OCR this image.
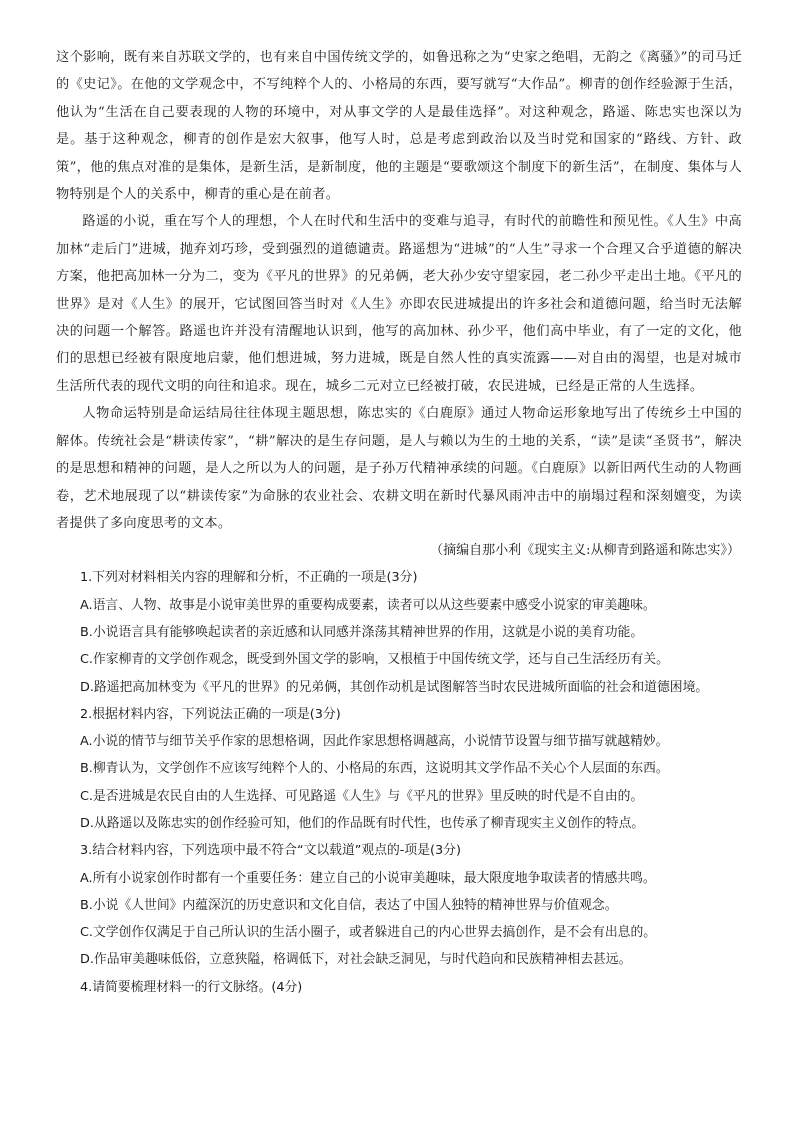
这个影响，既有来自苏联文学的，也有来自中国传统文学的，如鲁迅称之为“史家之绝唱，无韵之《离骚》”的司马迁的《史记》。在他的文学观念中，不写纯粹个人的、小格局的东西，要写就写“大作品”。柳青的创作经验源于生活，他认为“生活在自己要表现的人物的环境中，对从事文学的人是最佳选择”。对这种观念，路遥、陈忠实也深以为是。基于这种观念，柳青的创作是宏大叙事，他写人时，总是考虑到政治以及当时党和国家的“路线、方针、政策”，他的焦点对准的是集体，是新生活，是新制度，他的主题是“要歌颂这个制度下的新生活”，在制度、集体与人物特别是个人的关系中，柳青的重心是在前者。

路遥的小说，重在写个人的理想，个人在时代和生活中的变难与追寻，有时代的前瞻性和预见性。《人生》中高加林“走后门”进城，抛弃刘巧珍，受到强烈的道德谴责。路遥想为“进城”的“人生”寻求一个合理又合乎道德的解决方案，他把高加林一分为二，变为《平凡的世界》的兄弟俩，老大孙少安守望家园，老二孙少平走出土地。《平凡的世界》是对《人生》的展开，它试图回答当时对《人生》亦即农民进城提出的许多社会和道德问题，给当时无法解决的问题一个解答。路遥也许并没有清醒地认识到，他写的高加林、孙少平，他们高中毕业，有了一定的文化，他们的思想已经被有限度地启蒙，他们想进城，努力进城，既是自然人性的真实流露——对自由的渴望，也是对城市生活所代表的现代文明的向往和追求。现在，城乡二元对立已经被打破，农民进城，已经是正常的人生选择。

人物命运特别是命运结局往往体现主题思想，陈忠实的《白鹿原》通过人物命运形象地写出了传统乡土中国的解体。传统社会是“耕读传家”，“耕”解决的是生存问题，是人与赖以为生的土地的关系，“读”是读“圣贤书”，解决的是思想和精神的问题，是人之所以为人的问题，是子孙万代精神承续的问题。《白鹿原》以新旧两代生动的人物画卷，艺术地展现了以“耕读传家”为命脉的农业社会、农耕文明在新时代暴风雨冲击中的崩塌过程和深刻嬗变，为读者提供了多向度思考的文本。

（摘编自那小利《现实主义:从柳青到路遥和陈忠实》）

1.下列对材料相关内容的理解和分析，不正确的一项是(3分)

A.语言、人物、故事是小说审美世界的重要构成要素，读者可以从这些要素中感受小说家的审美趣味。

B.小说语言具有能够唤起读者的亲近感和认同感并涤荡其精神世界的作用，这就是小说的美育功能。

C.作家柳青的文学创作观念，既受到外国文学的影响，又根植于中国传统文学，还与自己生活经历有关。

D.路遥把高加林变为《平凡的世界》的兄弟俩，其创作动机是试图解答当时农民进城所面临的社会和道德困境。

2.根据材料内容，下列说法正确的一项是(3分)

A.小说的情节与细节关乎作家的思想格调，因此作家思想格调越高，小说情节设置与细节描写就越精妙。

B.柳青认为，文学创作不应该写纯粹个人的、小格局的东西，这说明其文学作品不关心个人层面的东西。

C.是否进城是农民自由的人生选择、可见路遥《人生》与《平凡的世界》里反映的时代是不自由的。

D.从路遥以及陈忠实的创作经验可知，他们的作品既有时代性，也传承了柳青现实主义创作的特点。

3.结合材料内容，下列选项中最不符合“文以载道”观点的-项是(3分)

A.所有小说家创作时都有一个重要任务：建立自己的小说审美趣味，最大限度地争取读者的情感共鸣。

B.小说《人世间》内蕴深沉的历史意识和文化自信，表达了中国人独特的精神世界与价值观念。

C.文学创作仅满足于自己所认识的生活小圈子，或者躲进自己的内心世界去搞创作，是不会有出息的。

D.作品审美趣味低俗，立意狭隘，格调低下，对社会缺乏洞见，与时代趋向和民族精神相去甚远。

4.请简要梳理材料一的行文脉络。(4分)
